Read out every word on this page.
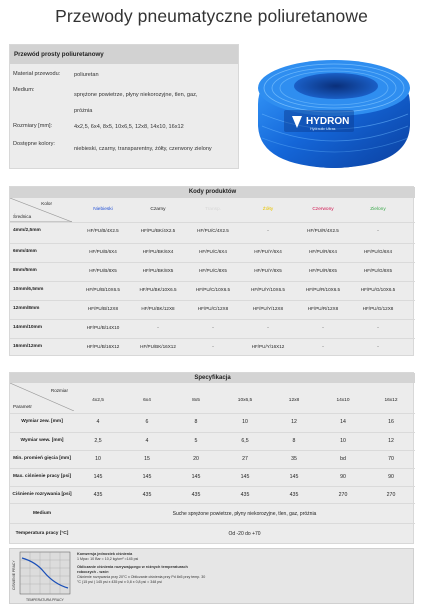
Przewody pneumatyczne poliuretanowe
Przewód prosty poliuretanowy
Materiał przewodu:	poliuretan
Medium:
sprężone powietrze, płyny niekorozyjne, tlen, gaz, próżnia
Rozmiary [mm]:	4x2,5, 6x4, 8x5, 10x6,5, 12x8, 14x10, 16x12
Dostępne kolory:
niebieski, czarny, transparentny, żółty, czerwony zielony
HYDRON
Hydraulic Ultras
Kody produktów
Kolor
Średnica
Niebieski	Czarny	Transp.	Żółty	Czerwony	Zielony
4mm/2,5mm	HF/PU/B/4X2.5	HF/PU/BK/4X2.5	HF/PU/C/4X2.5	-	HF/PU/R/4X2.5	-
6mm/4mm	HF/PU/B/6X4	HF/PU/BK/6X4	HF/PU/C/6X4	HF/PU/Y/6X4	HF/PU/R/6X4	HF/PU/G/6X4
8mm/5mm	HF/PU/B/8X5	HF/PU/BK/8X5	HF/PU/C/8X5	HF/PU/Y/8X5	HF/PU/R/8X5	HF/PU/G/8X5
10mm/6,5mm	HF/PU/B/10X6.5	HF/PU/BK/10X6.5	HF/PU/C/10X6.5	HF/PU/Y/10X6.5	HF/PU/R/10X6.5	HF/PU/G/10X6.5
12mm/8mm	HF/PU/B/12X8	HF/PU/BK/12X8	HF/PU/C/12X8	HF/PU/Y/12X8	HF/PU/R/12X8	HF/PU/G/12X8
14mm/10mm	HF/PU/B/14X10	-	-	-	-	-
16mm/12mm	HF/PU/B/16X12	HF/PU/BK/16X12	-	HF/PU/Y/16X12	-	-
Specyfikacja
Rozmiar
Parametr
4x2,5	6x4	8x5	10x6,5	12x8	14x10	16x12
Wymiar zew. [mm]	4	6	8	10	12	14	16
Wymiar wew. [mm]	2,5	4	5	6,5	8	10	12
Min. promień gięcia [mm]	10	15	20	27	35	bd	70
Max. ciśnienie pracy [psi]	145	145	145	145	145	90	90
Ciśnienie rozrywania [psi]	435	435	435	435	435	270	270
Medium	Suche sprężone powietrze, płyny niekorozyjne, tlen, gaz, próżnia
Temperatura pracy [°C]	Od -20 do +70
CIŚNIENIE PRACY
TEMPERATURA PRACY
Konwersja jednostek ciśnienia
1 Mpa= 10 Bar = 10,2 kg/cm² =145 psi
Obliczanie ciśnienia rozrywającego w różnych temperaturach roboczych - wzór:
Ciśnienie rozrywania przy 20°C x Obliczanie ciśnienia przy Pd 8x5 przy temp. 30 °C (15 psi ) 145 psi x 435 psi x 0,8 x 0,8 psi = 348 psi
